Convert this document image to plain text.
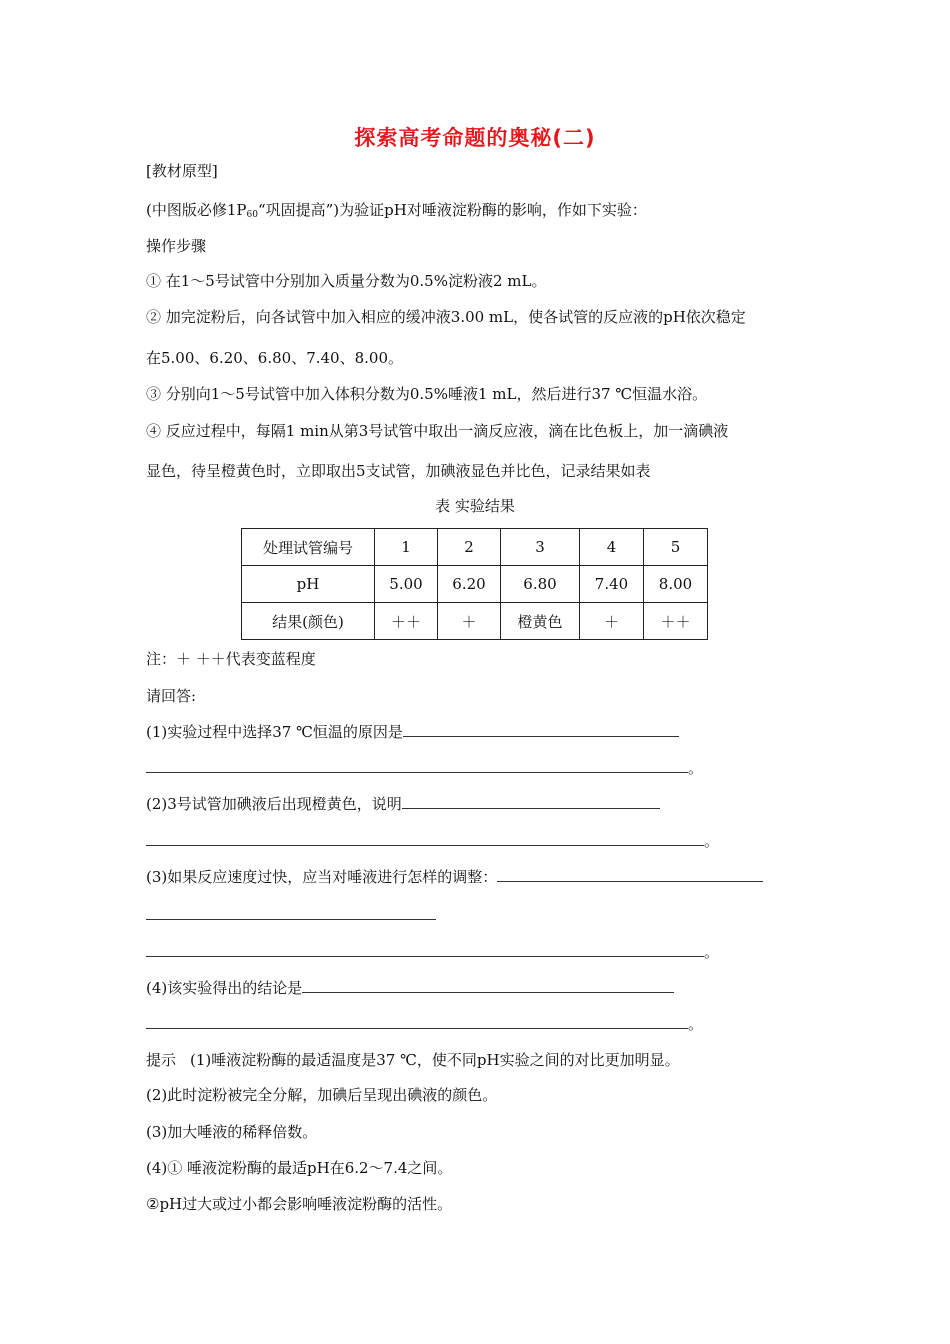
探索高考命题的奥秘(二)
[教材原型]
(中图版必修$1P_{60}“$巩固提高”)为验证pH对唾液淀粉酶的影响，作如下实验：
操作步骤
① 在1～5号试管中分别加入质量分数为0.5%淀粉液2 mL。
② 加完淀粉后，向各试管中加入相应的缓冲液3.00 mL，使各试管的反应液的pH依次稳定
在5.00、6.20、6.80、7.40、8.00。
③ 分别向1～5号试管中加入体积分数为0.5%唾液1 mL，然后进行37 ℃恒温水浴。
④ 反应过程中，每隔1 min从第3号试管中取出一滴反应液，滴在比色板上，加一滴碘液
显色，待呈橙黄色时，立即取出5支试管，加碘液显色并比色，记录结果如表
表 实验结果
处理试管编号	1	2	3	4	5
pH	5.00	6.20	6.80	7.40	8.00
结果(颜色)	＋＋	＋	橙黄色	＋	＋＋
注：＋ ＋＋代表变蓝程度
请回答:
(1)实验过程中选择37 ℃恒温的原因是
。
(2)3号试管加碘液后出现橙黄色，说明
。
(3)如果反应速度过快，应当对唾液进行怎样的调整：
。
(4)该实验得出的结论是
。
提示 (1)唾液淀粉酶的最适温度是37 ℃，使不同pH实验之间的对比更加明显。
(2)此时淀粉被完全分解，加碘后呈现出碘液的颜色。
(3)加大唾液的稀释倍数。
(4)① 唾液淀粉酶的最适pH在6.2～7.4之间。
②pH过大或过小都会影响唾液淀粉酶的活性。
